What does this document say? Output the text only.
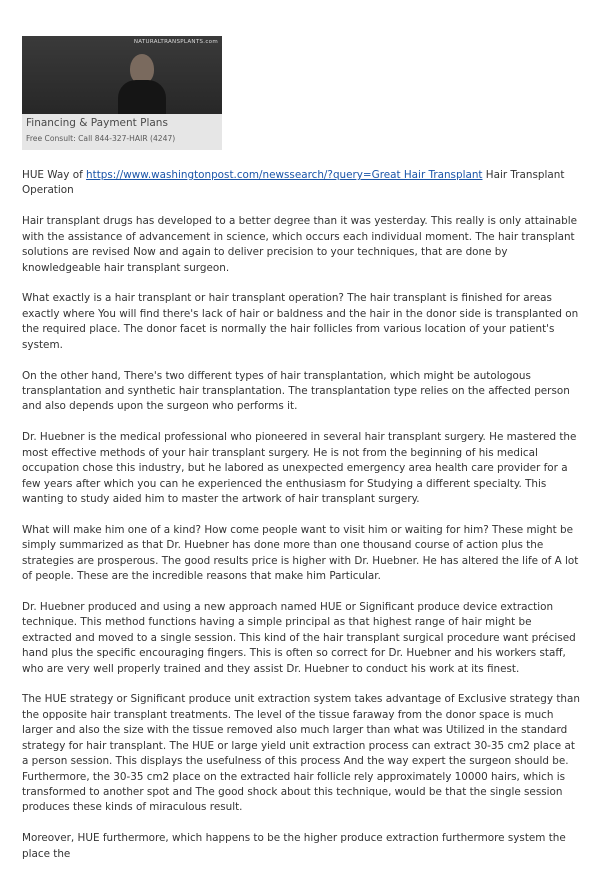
NATURALTRANSPLANTS.com
Financing & Payment Plans
Free Consult: Call 844-327-HAIR (4247)

HUE Way of https://www.washingtonpost.com/newssearch/?query=Great Hair Transplant Hair Transplant Operation

Hair transplant drugs has developed to a better degree than it was yesterday. This really is only attainable with the assistance of advancement in science, which occurs each individual moment. The hair transplant solutions are revised Now and again to deliver precision to your techniques, that are done by knowledgeable hair transplant surgeon.

What exactly is a hair transplant or hair transplant operation? The hair transplant is finished for areas exactly where You will find there's lack of hair or baldness and the hair in the donor side is transplanted on the required place. The donor facet is normally the hair follicles from various location of your patient's system.

On the other hand, There's two different types of hair transplantation, which might be autologous transplantation and synthetic hair transplantation. The transplantation type relies on the affected person and also depends upon the surgeon who performs it.

Dr. Huebner is the medical professional who pioneered in several hair transplant surgery. He mastered the most effective methods of your hair transplant surgery. He is not from the beginning of his medical occupation chose this industry, but he labored as unexpected emergency area health care provider for a few years after which you can he experienced the enthusiasm for Studying a different specialty. This wanting to study aided him to master the artwork of hair transplant surgery.

What will make him one of a kind? How come people want to visit him or waiting for him? These might be simply summarized as that Dr. Huebner has done more than one thousand course of action plus the strategies are prosperous. The good results price is higher with Dr. Huebner. He has altered the life of A lot of people. These are the incredible reasons that make him Particular.

Dr. Huebner produced and using a new approach named HUE or Significant produce device extraction technique. This method functions having a simple principal as that highest range of hair might be extracted and moved to a single session. This kind of the hair transplant surgical procedure want précised hand plus the specific encouraging fingers. This is often so correct for Dr. Huebner and his workers staff, who are very well properly trained and they assist Dr. Huebner to conduct his work at its finest.

The HUE strategy or Significant produce unit extraction system takes advantage of Exclusive strategy than the opposite hair transplant treatments. The level of the tissue faraway from the donor space is much larger and also the size with the tissue removed also much larger than what was Utilized in the standard strategy for hair transplant. The HUE or large yield unit extraction process can extract 30-35 cm2 place at a person session. This displays the usefulness of this process And the way expert the surgeon should be. Furthermore, the 30-35 cm2 place on the extracted hair follicle rely approximately 10000 hairs, which is transformed to another spot and The good shock about this technique, would be that the single session produces these kinds of miraculous result.

Moreover, HUE furthermore, which happens to be the higher produce extraction furthermore system the place the
